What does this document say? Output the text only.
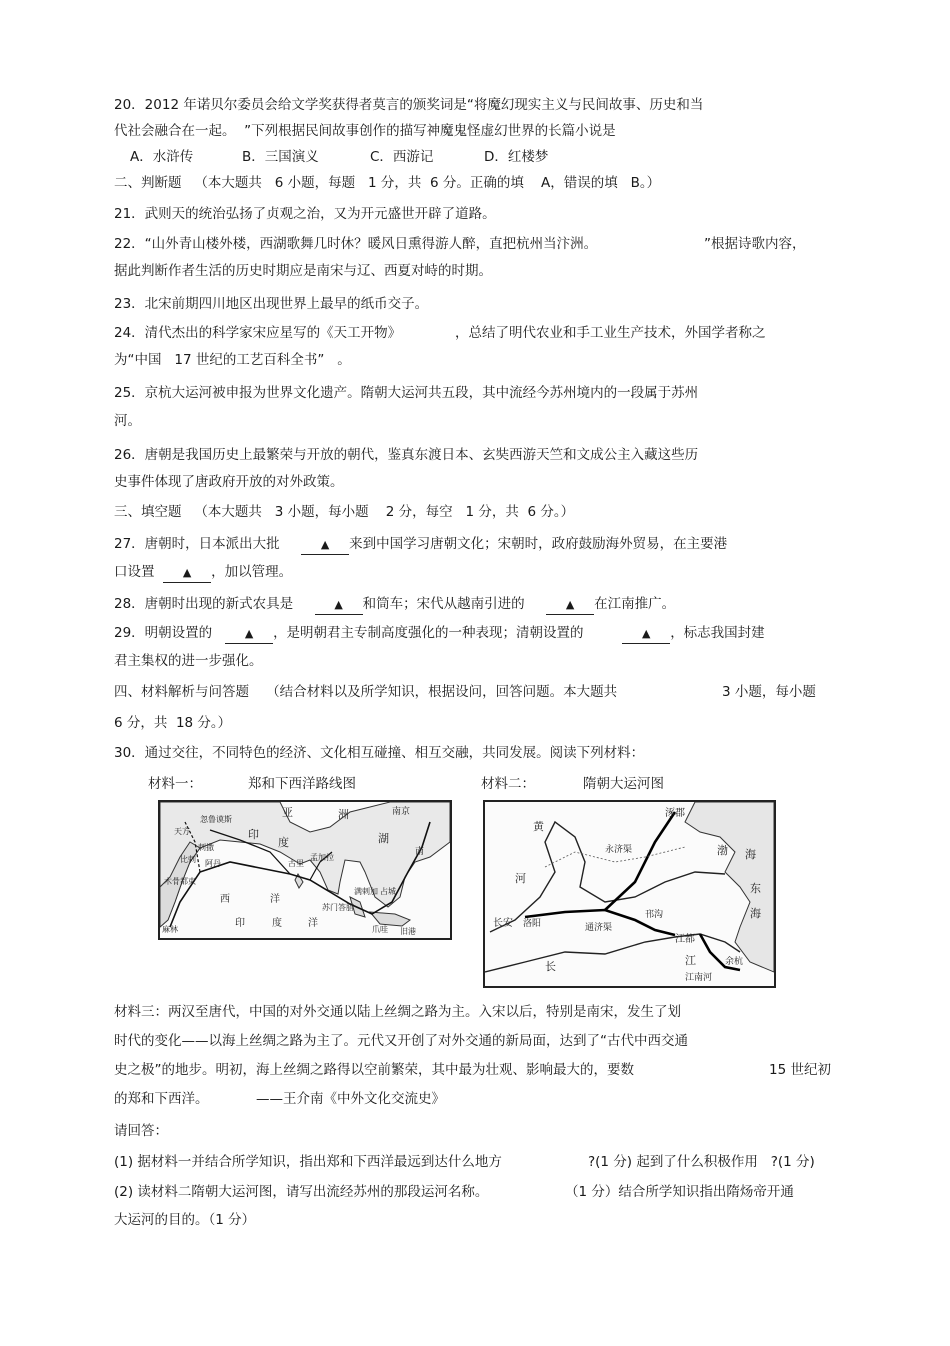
20．2012 年诺贝尔委员会给文学奖获得者莫言的颁奖词是“将魔幻现实主义与民间故事、历史和当
代社会融合在一起。  ”下列根据民间故事创作的描写神魔鬼怪虚幻世界的长篇小说是
A．水浒传	B．三国演义	C．西游记	D．红楼梦
二、判断题 （本大题共   6 小题，每题   1 分，共  6 分。正确的填    A，错误的填   B。）
21．武则天的统治弘扬了贞观之治，又为开元盛世开辟了道路。
22．“山外青山楼外楼，西湖歌舞几时休？暖风日熏得游人醉，直把杭州当汴洲。	”根据诗歌内容，
据此判断作者生活的历史时期应是南宋与辽、西夏对峙的时期。
23．北宋前期四川地区出现世界上最早的纸币交子。
24．清代杰出的科学家宋应星写的《天工开物》	，总结了明代农业和手工业生产技术，外国学者称之
为“中国   17 世纪的工艺百科全书”   。
25．京杭大运河被申报为世界文化遗产。隋朝大运河共五段，其中流经今苏州境内的一段属于苏州
河。
26．唐朝是我国历史上最繁荣与开放的朝代，鉴真东渡日本、玄奘西游天竺和文成公主入藏这些历
史事件体现了唐政府开放的对外政策。
三、填空题 （本大题共   3 小题，每小题    2 分，每空   1 分，共  6 分。）
27．唐朝时，日本派出大批	▲ 来到中国学习唐朝文化；宋朝时，政府鼓励海外贸易，在主要港
口设置	▲ ，加以管理。
28．唐朝时出现的新式农具是	▲ 和筒车；宋代从越南引进的	▲ 在江南推广。
29．明朝设置的	▲ ，是明朝君主专制高度强化的一种表现；清朝设置的	▲ ，标志我国封建
君主集权的进一步强化。
四、材料解析与问答题 （结合材料以及所学知识，根据设问，回答问题。本大题共	3 小题，每小题
6 分，共  18 分。）
30．通过交往，不同特色的经济、文化相互碰撞、相互交融，共同发展。阅读下列材料：
材料一：	郑和下西洋路线图	材料二：	隋朝大运河图
亚	洲	南京
天方
忽鲁谟斯
印
度	湖
刺撒
古里
孟加拉
阿丹
木骨都束
满剌加
苏门答腊
麻林
西	洋
印	度	洋
爪哇 旧港
占城
南
比剌
涿郡
黄
河
渤 海
东
海
长安 洛阳
江都
长	江	余杭
永济渠
通济渠
邗沟
江南河
材料三：两汉至唐代，中国的对外交通以陆上丝绸之路为主。入宋以后，特别是南宋，发生了划
时代的变化——以海上丝绸之路为主了。元代又开创了对外交通的新局面，达到了“古代中西交通
史之极”的地步。明初，海上丝绸之路得以空前繁荣，其中最为壮观、影响最大的，要数	15 世纪初
的郑和下西洋。	——王介南《中外文化交流史》
请回答：
(1) 据材料一并结合所学知识，指出郑和下西洋最远到达什么地方	?(1 分) 起到了什么积极作用   ?(1 分)
(2) 读材料二隋朝大运河图，请写出流经苏州的那段运河名称。	（1 分）结合所学知识指出隋炀帝开通
大运河的目的。（1 分）
